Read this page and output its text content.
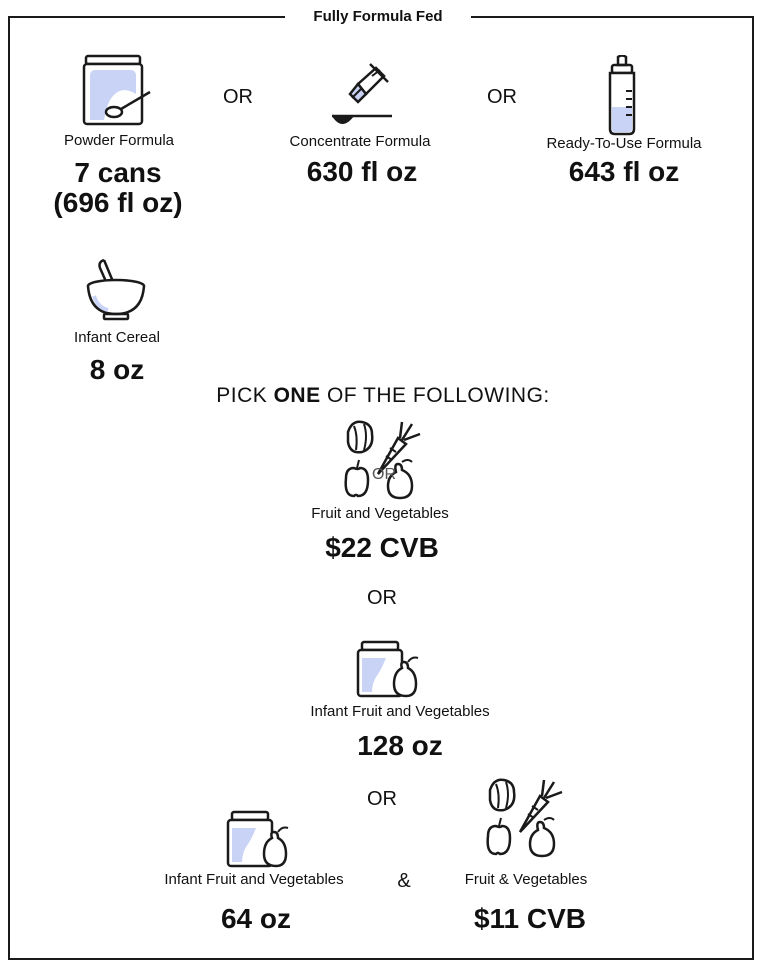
Fully Formula Fed
Powder Formula
7 cans
(696 fl oz)
OR
Concentrate Formula
630 fl oz
OR
Ready-To-Use Formula
643 fl oz
Infant Cereal
8 oz
PICK ONE OF THE FOLLOWING:
OR
Fruit and Vegetables
$22 CVB
OR
Infant Fruit and Vegetables
128 oz
OR
Infant Fruit and Vegetables
64 oz
&	Fruit & Vegetables
$11 CVB
